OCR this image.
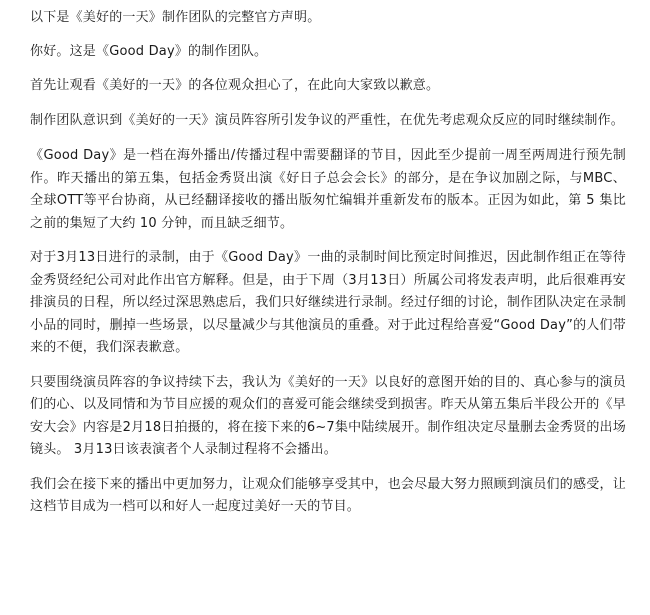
以下是《美好的一天》制作团队的完整官方声明。

你好。这是《Good Day》的制作团队。

首先让观看《美好的一天》的各位观众担心了，在此向大家致以歉意。

制作团队意识到《美好的一天》演员阵容所引发争议的严重性，在优先考虑观众反应的同时继续制作。

《Good Day》是一档在海外播出/传播过程中需要翻译的节目，因此至少提前一周至两周进行预先制作。昨天播出的第五集，包括金秀贤出演《好日子总会会长》的部分，是在争议加剧之际，与MBC、全球OTT等平台协商，从已经翻译接收的播出版匆忙编辑并重新发布的版本。正因为如此，第 5 集比之前的集短了大约 10 分钟，而且缺乏细节。

对于3月13日进行的录制，由于《Good Day》一曲的录制时间比预定时间推迟，因此制作组正在等待金秀贤经纪公司对此作出官方解释。但是，由于下周（3月13日）所属公司将发表声明，此后很难再安排演员的日程，所以经过深思熟虑后，我们只好继续进行录制。经过仔细的讨论，制作团队决定在录制小品的同时，删掉一些场景，以尽量减少与其他演员的重叠。对于此过程给喜爱“Good Day”的人们带来的不便，我们深表歉意。

只要围绕演员阵容的争议持续下去，我认为《美好的一天》以良好的意图开始的目的、真心参与的演员们的心、以及同情和为节目应援的观众们的喜爱可能会继续受到损害。昨天从第五集后半段公开的《早安大会》内容是2月18日拍摄的，将在接下来的6~7集中陆续展开。制作组决定尽量删去金秀贤的出场镜头。 3月13日该表演者个人录制过程将不会播出。

我们会在接下来的播出中更加努力，让观众们能够享受其中，也会尽最大努力照顾到演员们的感受，让这档节目成为一档可以和好人一起度过美好一天的节目。
